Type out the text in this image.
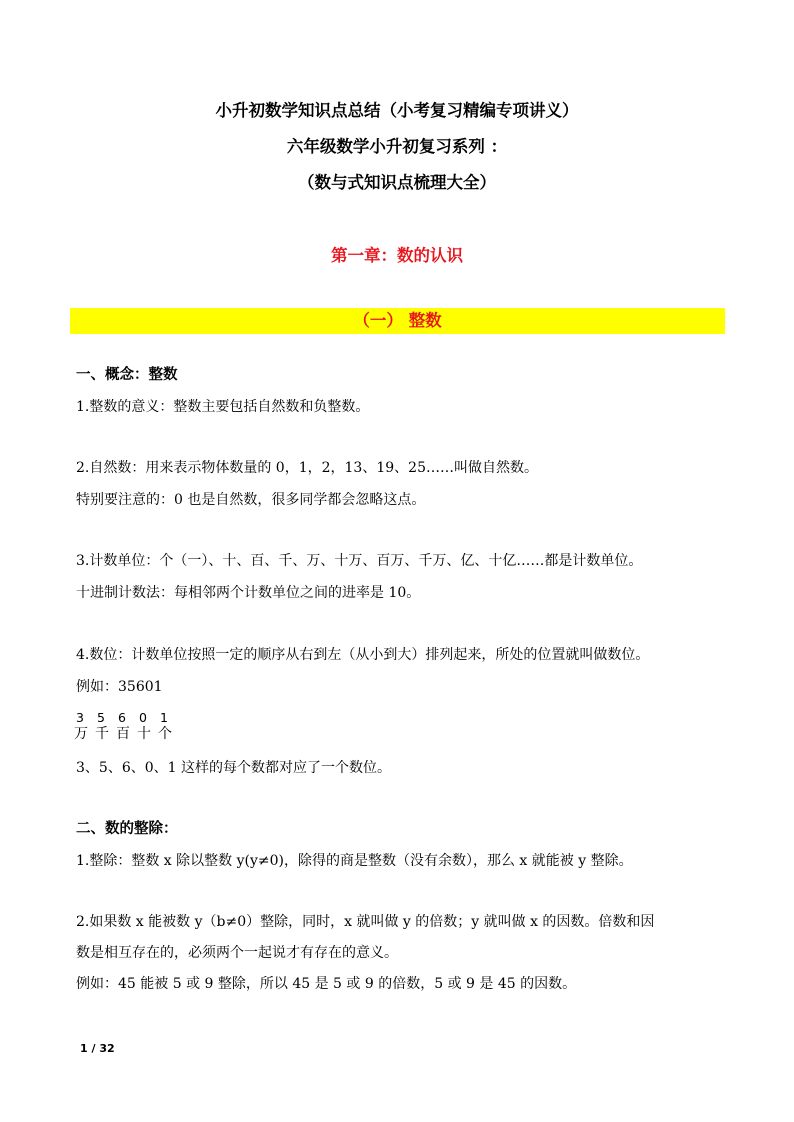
小升初数学知识点总结（小考复习精编专项讲义）
六年级数学小升初复习系列 ：
（数与式知识点梳理大全）
第一章：数的认识
（一） 整数
一、概念：整数
1.整数的意义：整数主要包括自然数和负整数。
2.自然数：用来表示物体数量的 0，1，2，13、19、25……叫做自然数。
特别要注意的：0 也是自然数，很多同学都会忽略这点。
3.计数单位：个（一）、十、百、千、万、十万、百万、千万、亿、十亿……都是计数单位。
十进制计数法：每相邻两个计数单位之间的进率是 10。
4.数位：计数单位按照一定的顺序从右到左（从小到大）排列起来，所处的位置就叫做数位。
例如：35601
3 5 6 0 1
万 千 百 十 个
3、5、6、0、1 这样的每个数都对应了一个数位。
二、数的整除：
1.整除：整数 x 除以整数 y(y≠0)，除得的商是整数（没有余数），那么 x 就能被 y 整除。
2.如果数 x 能被数 y（b≠0）整除，同时，x 就叫做 y 的倍数；y 就叫做 x 的因数。倍数和因
数是相互存在的，必须两个一起说才有存在的意义。
例如：45 能被 5 或 9 整除，所以 45 是 5 或 9 的倍数，5 或 9 是 45 的因数。
1 / 32
